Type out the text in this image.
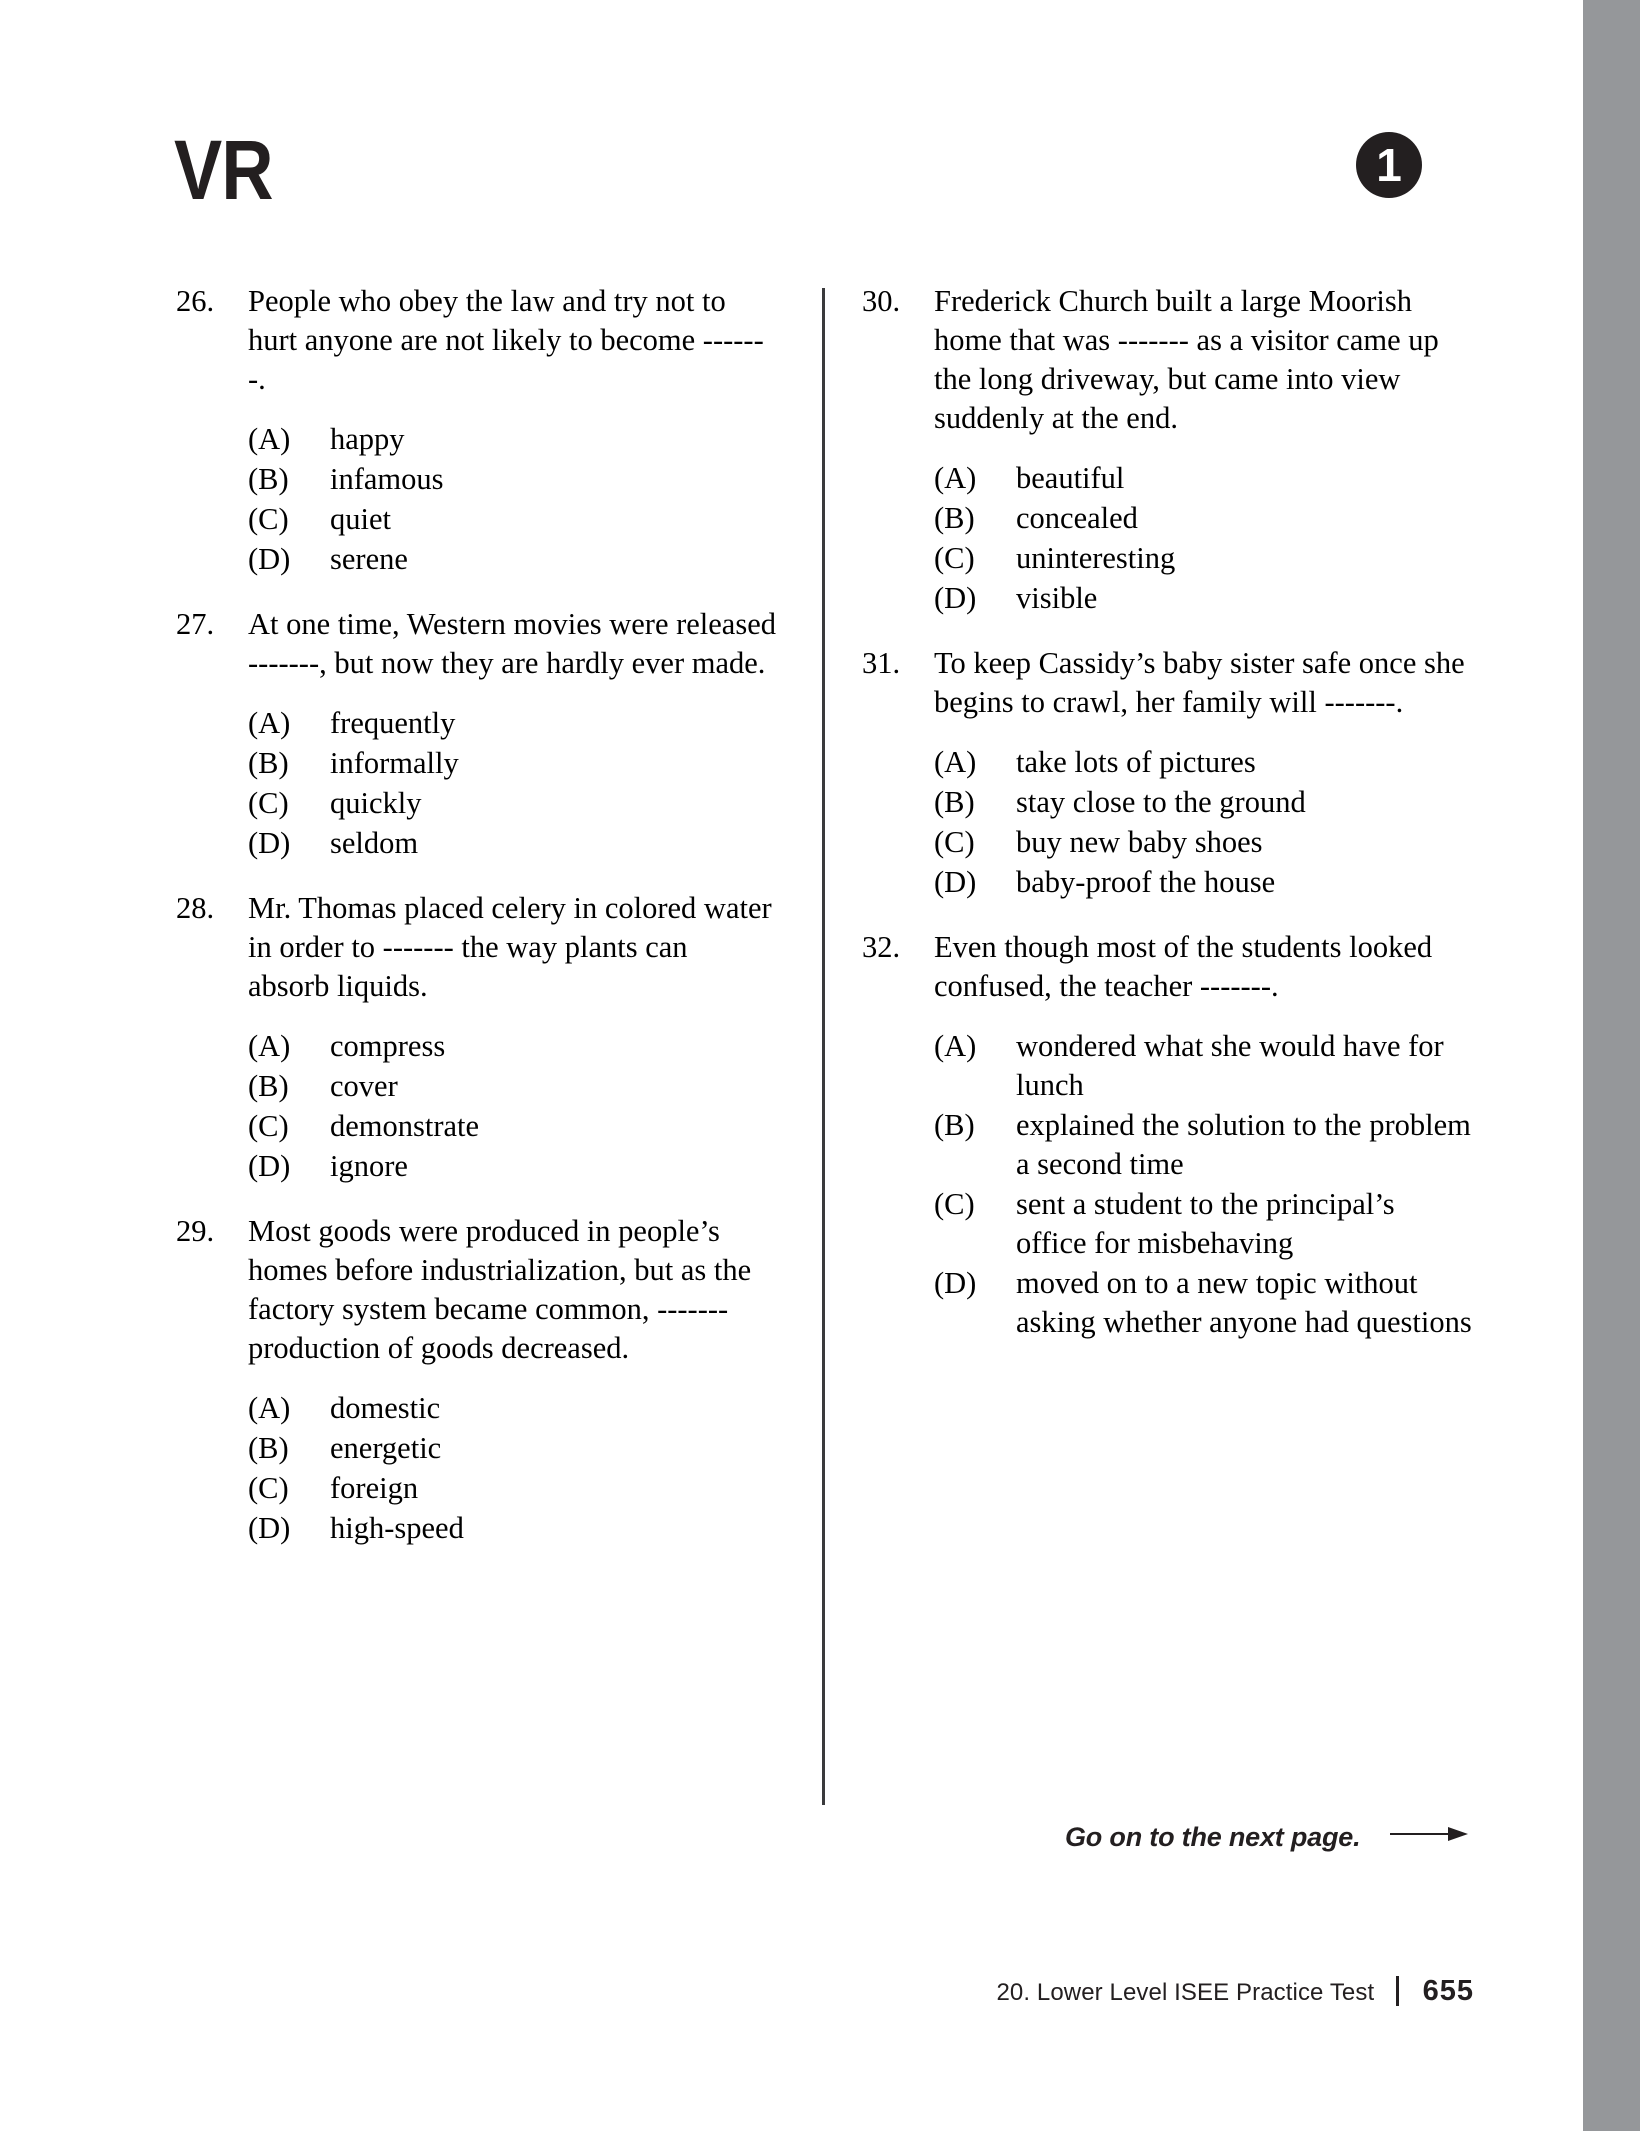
VR	1
26.	People who obey the law and try not to hurt anyone are not likely to become -------.
(A)	happy
(B)	infamous
(C)	quiet
(D)	serene
27.	At one time, Western movies were released -------, but now they are hardly ever made.
(A)	frequently
(B)	informally
(C)	quickly
(D)	seldom
28.	Mr. Thomas placed celery in colored water in order to ------- the way plants can absorb liquids.
(A)	compress
(B)	cover
(C)	demonstrate
(D)	ignore
29.	Most goods were produced in people’s homes before industrialization, but as the factory system became common, ------- production of goods decreased.
(A)	domestic
(B)	energetic
(C)	foreign
(D)	high-speed
30.	Frederick Church built a large Moorish home that was ------- as a visitor came up the long driveway, but came into view suddenly at the end.
(A)	beautiful
(B)	concealed
(C)	uninteresting
(D)	visible
31.	To keep Cassidy’s baby sister safe once she begins to crawl, her family will -------.
(A)	take lots of pictures
(B)	stay close to the ground
(C)	buy new baby shoes
(D)	baby-proof the house
32.	Even though most of the students looked confused, the teacher -------.
(A)	wondered what she would have for lunch
(B)	explained the solution to the problem a second time
(C)	sent a student to the principal’s office for misbehaving
(D)	moved on to a new topic without asking whether anyone had questions
Go on to the next page.
20. Lower Level ISEE Practice Test 655
